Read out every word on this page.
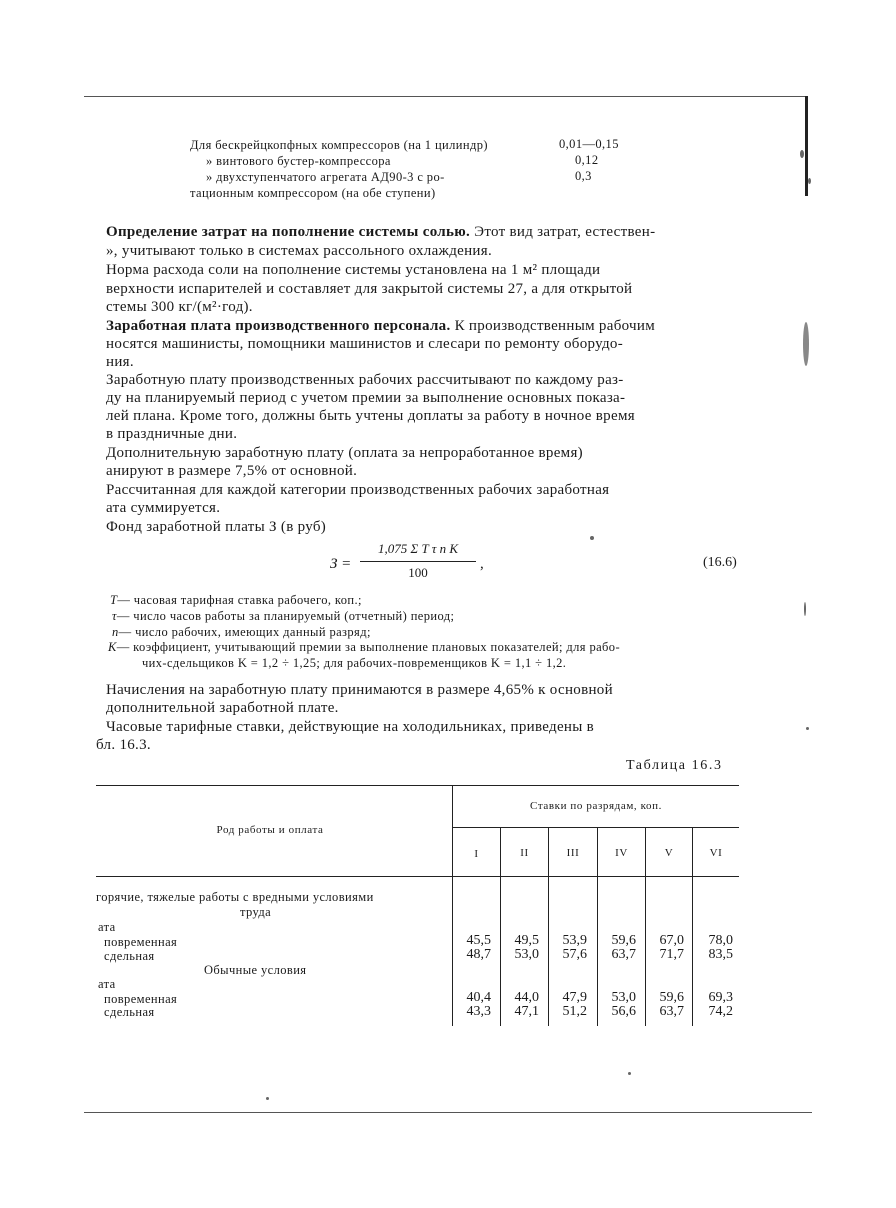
Для бескрейцкопфных компрессоров (на 1 цилиндр)	0,01—0,15
» винтового бустер-компрессора	0,12
» двухступенчатого агрегата АД90-3 с ро-	0,3
тационным компрессором (на обе ступени)
Определение затрат на пополнение системы солью. Этот вид затрат, естествен-
», учитывают только в системах рассольного охлаждения.
Норма расхода соли на пополнение системы установлена на 1 м² площади
верхности испарителей и составляет для закрытой системы 27, а для открытой
стемы 300 кг/(м²·год).
Заработная плата производственного персонала. К производственным рабочим
носятся машинисты, помощники машинистов и слесари по ремонту оборудо-
ния.
Заработную плату производственных рабочих рассчитывают по каждому раз-
ду на планируемый период с учетом премии за выполнение основных показа-
лей плана. Кроме того, должны быть учтены доплаты за работу в ночное время
в праздничные дни.
Дополнительную заработную плату (оплата за непроработанное время)
анируют в размере 7,5% от основной.
Рассчитанная для каждой категории производственных рабочих заработная
ата суммируется.
Фонд заработной платы З (в руб)
З =
1,075 Σ T τ n K
100
,	(16.6)
T— часовая тарифная ставка рабочего, коп.;
τ— число часов работы за планируемый (отчетный) период;
n— число рабочих, имеющих данный разряд;
K— коэффициент, учитывающий премии за выполнение плановых показателей; для рабо-
чих-сдельщиков K = 1,2 ÷ 1,25; для рабочих-повременщиков K = 1,1 ÷ 1,2.
Начисления на заработную плату принимаются в размере 4,65% к основной
дополнительной заработной плате.
Часовые тарифные ставки, действующие на холодильниках, приведены в
бл. 16.3.
Таблица 16.3
Род работы и оплата
Ставки по разрядам, коп.
I	II	III	IV	V	VI
горячие, тяжелые работы с вредными условиями
труда
ата
повременная	45,5	49,5	53,9	59,6	67,0	78,0
сдельная	48,7	53,0	57,6	63,7	71,7	83,5
Обычные условия
ата
повременная	40,4	44,0	47,9	53,0	59,6	69,3
сдельная	43,3	47,1	51,2	56,6	63,7	74,2
